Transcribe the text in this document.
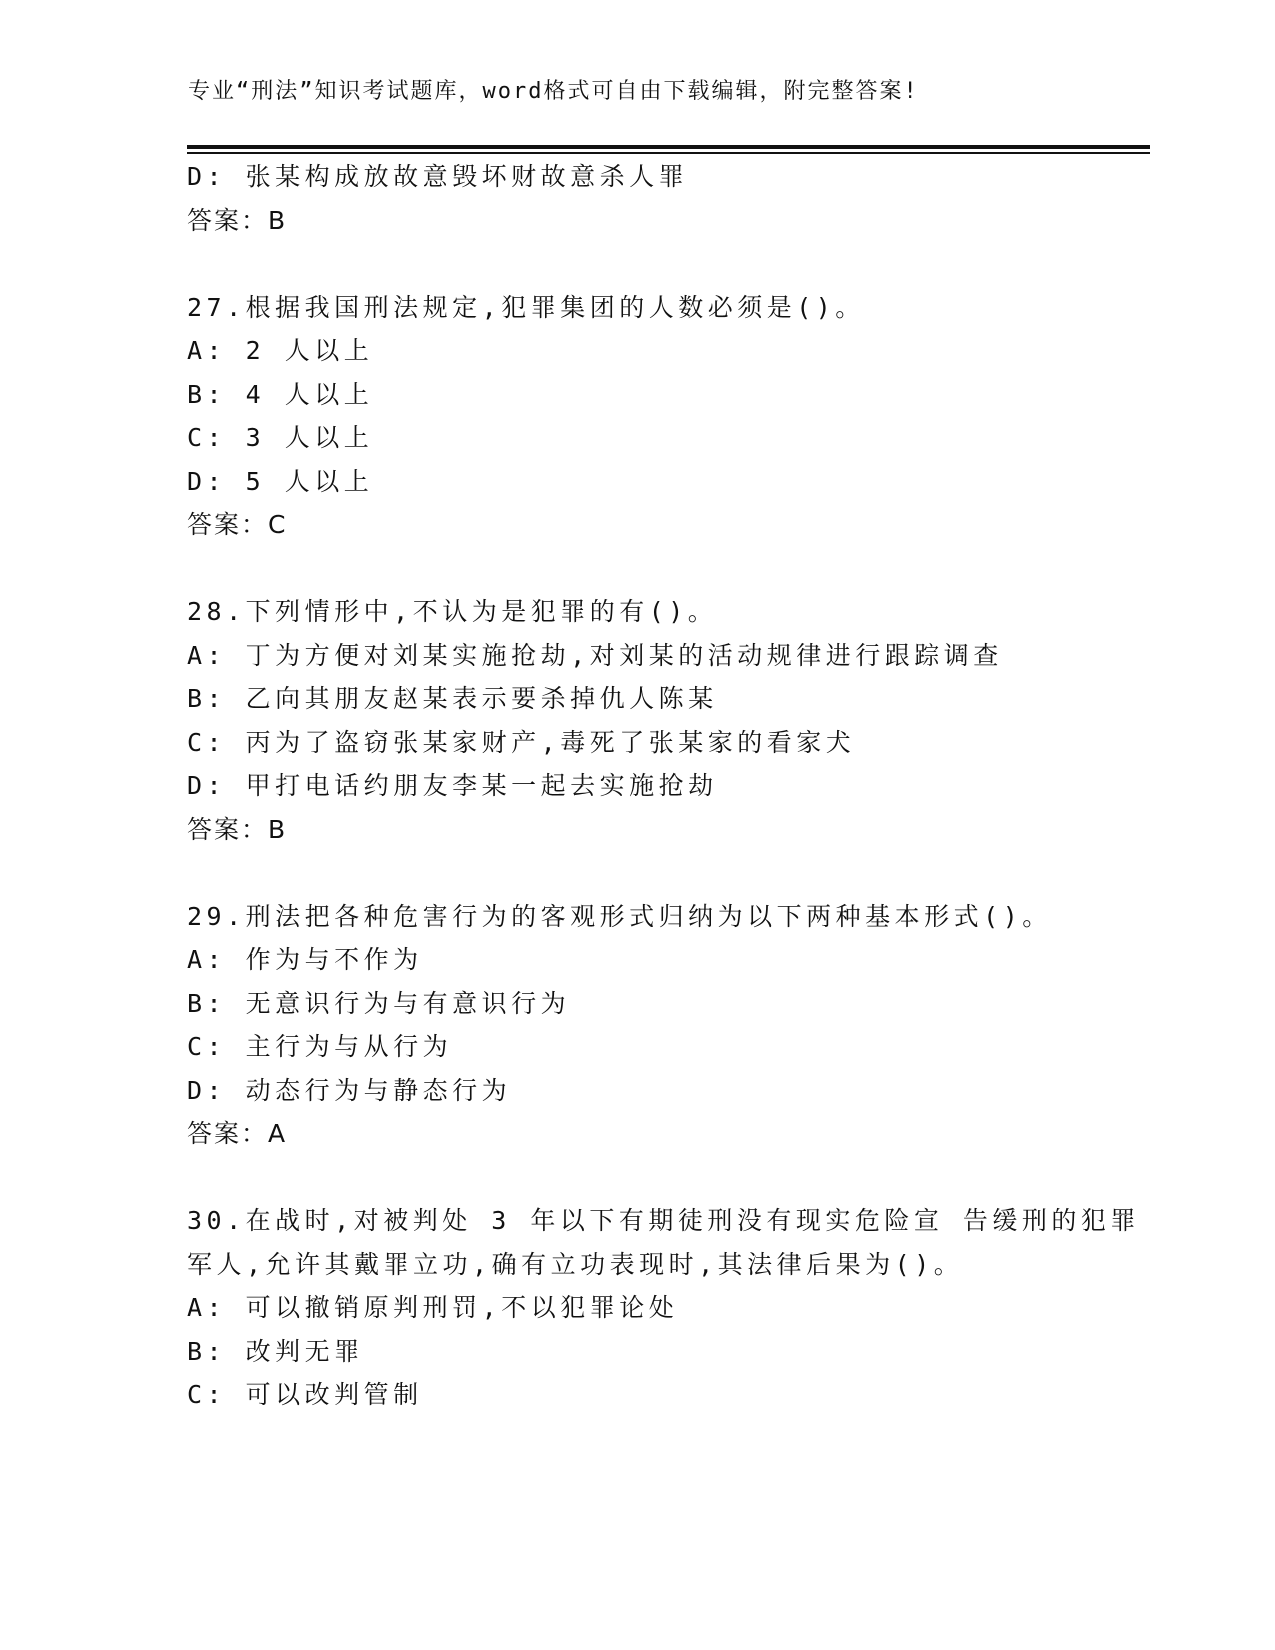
专业“刑法”知识考试题库，word格式可自由下载编辑，附完整答案!
D: 张某构成放故意毁坏财故意杀人罪
答案：B
27.根据我国刑法规定,犯罪集团的人数必须是()。
A: 2 人以上
B: 4 人以上
C: 3 人以上
D: 5 人以上
答案：C
28.下列情形中,不认为是犯罪的有()。
A: 丁为方便对刘某实施抢劫,对刘某的活动规律进行跟踪调查
B: 乙向其朋友赵某表示要杀掉仇人陈某
C: 丙为了盗窃张某家财产,毒死了张某家的看家犬
D: 甲打电话约朋友李某一起去实施抢劫
答案：B
29.刑法把各种危害行为的客观形式归纳为以下两种基本形式()。
A: 作为与不作为
B: 无意识行为与有意识行为
C: 主行为与从行为
D: 动态行为与静态行为
答案：A
30.在战时,对被判处 3 年以下有期徒刑没有现实危险宣 告缓刑的犯罪
军人,允许其戴罪立功,确有立功表现时,其法律后果为()。
A: 可以撤销原判刑罚,不以犯罪论处
B: 改判无罪
C: 可以改判管制
